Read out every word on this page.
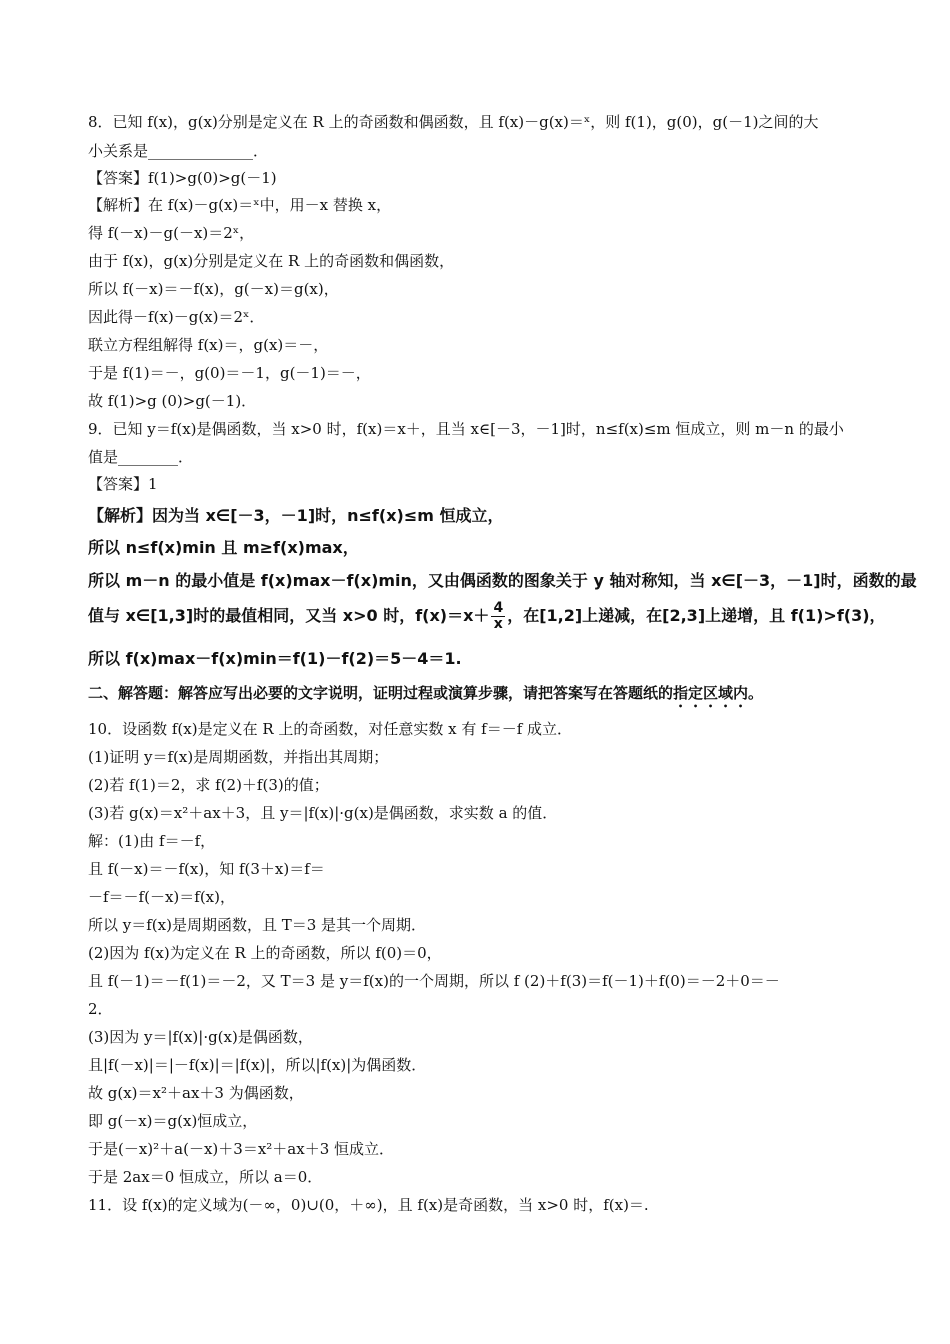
8．已知 f(x)，g(x)分别是定义在 R 上的奇函数和偶函数，且 f(x)－g(x)＝ˣ，则 f(1)，g(0)，g(－1)之间的大
小关系是______________．
【答案】f(1)>g(0)>g(－1)
【解析】在 f(x)－g(x)＝ˣ中，用－x 替换 x，
得 f(－x)－g(－x)＝2ˣ，
由于 f(x)，g(x)分别是定义在 R 上的奇函数和偶函数，
所以 f(－x)＝－f(x)，g(－x)＝g(x)，
因此得－f(x)－g(x)＝2ˣ．
联立方程组解得 f(x)＝，g(x)＝－，
于是 f(1)＝－，g(0)＝－1，g(－1)＝－，
故 f(1)>g (0)>g(－1)．
9．已知 y＝f(x)是偶函数，当 x>0 时，f(x)＝x＋，且当 x∈[－3，－1]时，n≤f(x)≤m 恒成立，则 m－n 的最小
值是________．
【答案】1
【解析】因为当 x∈[－3，－1]时，n≤f(x)≤m 恒成立，
所以 n≤f(x)min 且 m≥f(x)max，
所以 m－n 的最小值是 f(x)max－f(x)min，又由偶函数的图象关于 y 轴对称知，当 x∈[－3，－1]时，函数的最
值与 x∈[1,3]时的最值相同，又当 x>0 时，$f(x)=x+ \frac{4}{x}$ ，在[1,2]上递减，在[2,3]上递增，且 f(1)>f(3)，
所以 f(x)max－f(x)min＝f(1)－f(2)＝5－4＝1.
二、解答题：解答应写出必要的文字说明，证明过程或演算步骤，请把答案写在答题纸的指定区域内。
10．设函数 f(x)是定义在 R 上的奇函数，对任意实数 x 有 f＝－f 成立．
(1)证明 y＝f(x)是周期函数，并指出其周期；
(2)若 f(1)＝2，求 f(2)＋f(3)的值；
(3)若 g(x)＝x²＋ax＋3，且 y＝|f(x)|·g(x)是偶函数，求实数 a 的值．
解：(1)由 f＝－f，
且 f(－x)＝－f(x)，知 f(3＋x)＝f＝
－f＝－f(－x)＝f(x)，
所以 y＝f(x)是周期函数，且 T＝3 是其一个周期．
(2)因为 f(x)为定义在 R 上的奇函数，所以 f(0)＝0，
且 f(－1)＝－f(1)＝－2，又 T＝3 是 y＝f(x)的一个周期，所以 f (2)＋f(3)＝f(－1)＋f(0)＝－2＋0＝－
2．
(3)因为 y＝|f(x)|·g(x)是偶函数，
且|f(－x)|＝|－f(x)|＝|f(x)|，所以|f(x)|为偶函数．
故 g(x)＝x²＋ax＋3 为偶函数，
即 g(－x)＝g(x)恒成立，
于是(－x)²＋a(－x)＋3＝x²＋ax＋3 恒成立．
于是 2ax＝0 恒成立，所以 a＝0．
11．设 f(x)的定义域为(－∞，0)∪(0，＋∞)，且 f(x)是奇函数，当 x>0 时，f(x)＝.
